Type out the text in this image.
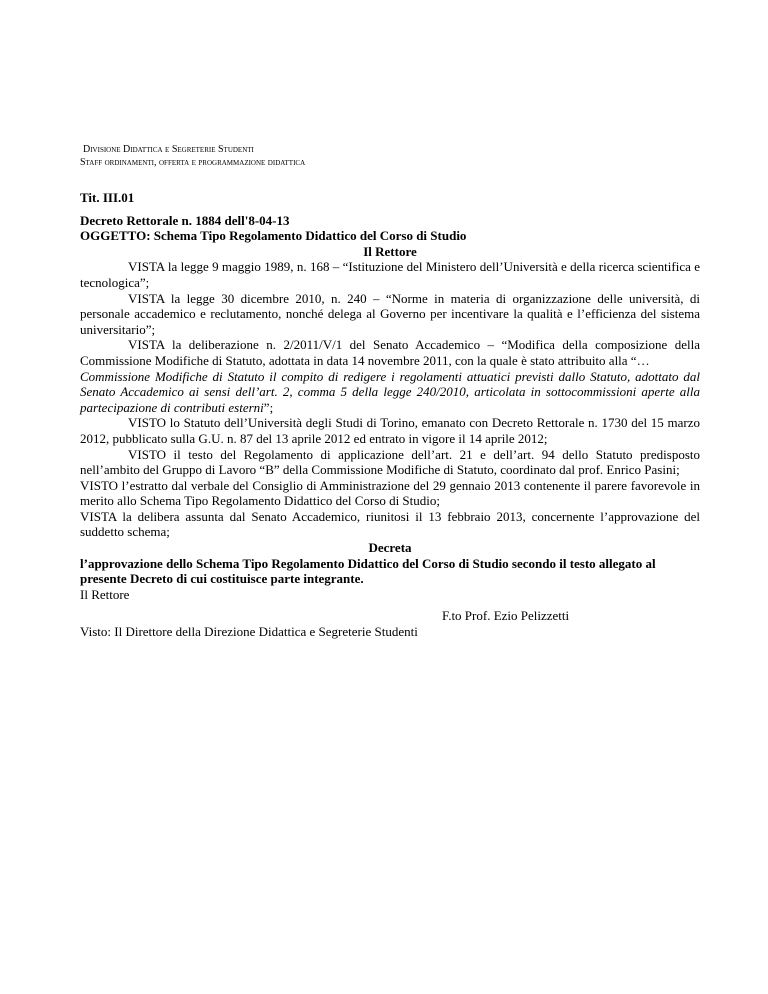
Divisione Didattica e Segreterie Studenti
Staff ordinamenti, offerta e programmazione didattica

Tit. III.01

Decreto Rettorale n. 1884 dell'8-04-13

OGGETTO: Schema Tipo Regolamento Didattico del Corso di Studio

Il Rettore

VISTA la legge 9 maggio 1989, n. 168 – “Istituzione del Ministero dell’Università e della ricerca scientifica e tecnologica”;

VISTA la legge 30 dicembre 2010, n. 240 – “Norme in materia di organizzazione delle università, di personale accademico e reclutamento, nonché delega al Governo per incentivare la qualità e l’efficienza del sistema universitario”;

VISTA la deliberazione n. 2/2011/V/1 del Senato Accademico – “Modifica della composizione della Commissione Modifiche di Statuto, adottata in data 14 novembre 2011, con la quale è stato attribuito alla “…
Commissione Modifiche di Statuto il compito di redigere i regolamenti attuatici previsti dallo Statuto, adottato dal Senato Accademico ai sensi dell’art. 2, comma 5 della legge 240/2010, articolata in sottocommissioni aperte alla partecipazione di contributi esterni”;

VISTO lo Statuto dell’Università degli Studi di Torino, emanato con Decreto Rettorale n. 1730 del 15 marzo 2012, pubblicato sulla G.U. n. 87 del 13 aprile 2012 ed entrato in vigore il 14 aprile 2012;

VISTO il testo del Regolamento di applicazione dell’art. 21 e dell’art. 94 dello Statuto predisposto nell’ambito del Gruppo di Lavoro “B” della Commissione Modifiche di Statuto, coordinato dal prof. Enrico Pasini;

VISTO l’estratto dal verbale del Consiglio di Amministrazione del 29 gennaio 2013 contenente il parere favorevole in merito allo Schema Tipo Regolamento Didattico del Corso di Studio;

VISTA la delibera assunta dal Senato Accademico, riunitosi il 13 febbraio 2013, concernente l’approvazione del suddetto schema;

Decreta

l’approvazione dello Schema Tipo Regolamento Didattico del Corso di Studio secondo il testo allegato al presente Decreto di cui costituisce parte integrante.

Il Rettore

F.to Prof. Ezio Pelizzetti

Visto: Il Direttore della Direzione Didattica e Segreterie Studenti
